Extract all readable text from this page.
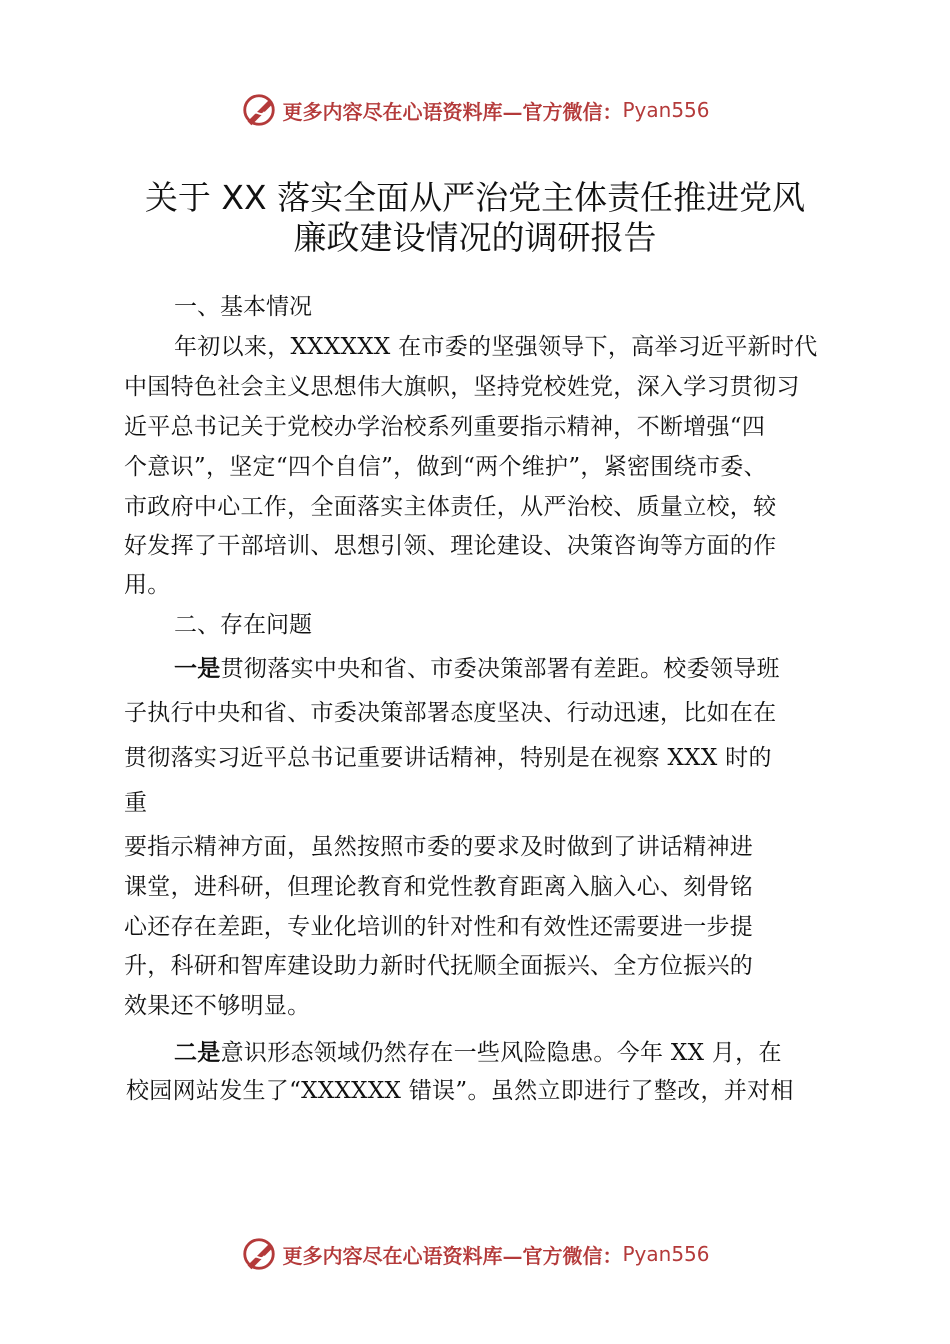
更多内容尽在心语资料库—官方微信： Pyan556
关于 XX 落实全面从严治党主体责任推进党风
廉政建设情况的调研报告
一、基本情况
年初以来，XXXXXX 在市委的坚强领导下，高举习近平新时代
中国特色社会主义思想伟大旗帜，坚持党校姓党，深入学习贯彻习
近平总书记关于党校办学治校系列重要指示精神，不断增强“四
个意识”，坚定“四个自信”，做到“两个维护”，紧密围绕市委、
市政府中心工作，全面落实主体责任，从严治校、质量立校，较
好发挥了干部培训、思想引领、理论建设、决策咨询等方面的作
用。
二、存在问题
一是贯彻落实中央和省、市委决策部署有差距。校委领导班
子执行中央和省、市委决策部署态度坚决、行动迅速，比如在在
贯彻落实习近平总书记重要讲话精神，特别是在视察 XXX 时的
重
要指示精神方面，虽然按照市委的要求及时做到了讲话精神进
课堂，进科研，但理论教育和党性教育距离入脑入心、刻骨铭
心还存在差距，专业化培训的针对性和有效性还需要进一步提
升，科研和智库建设助力新时代抚顺全面振兴、全方位振兴的
效果还不够明显。
二是意识形态领域仍然存在一些风险隐患。今年 XX 月，在
校园网站发生了“XXXXXX 错误”。虽然立即进行了整改，并对相
更多内容尽在心语资料库—官方微信： Pyan556
